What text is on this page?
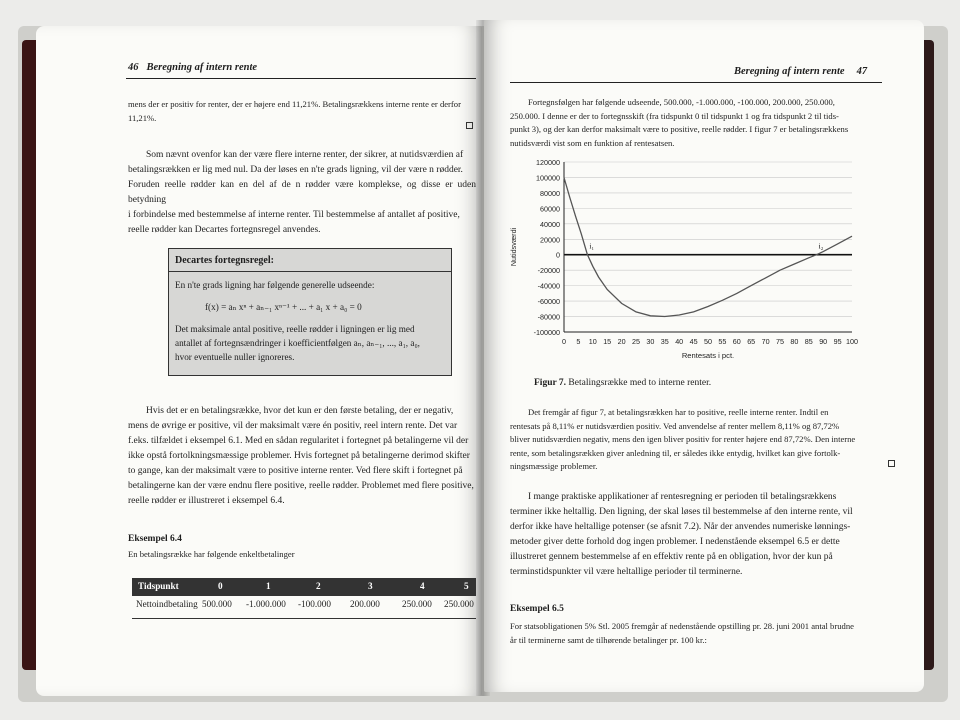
46 Beregning af intern rente

mens der er positiv for renter, der er højere end 11,21%. Betalingsrækkens interne rente er derfor

11,21%.

Som nævnt ovenfor kan der være flere interne renter, der sikrer, at nutidsværdien af

betalingsrækken er lig med nul. Da der løses en n'te grads ligning, vil der være n rødder.

Foruden reelle rødder kan en del af de n rødder være komplekse, og disse er uden betydning

i forbindelse med bestemmelse af interne renter. Til bestemmelse af antallet af positive,

reelle rødder kan Decartes fortegnsregel anvendes.

Decartes fortegnsregel:
En n'te grads ligning har følgende generelle udseende:
f(x) = aₙ xⁿ + aₙ₋₁ xⁿ⁻¹ + ... + a₁ x + a₀ = 0
Det maksimale antal positive, reelle rødder i ligningen er lig med
antallet af fortegnsændringer i koefficientfølgen aₙ, aₙ₋₁, ..., a₁, a₀,
hvor eventuelle nuller ignoreres.

Hvis det er en betalingsrække, hvor det kun er den første betaling, der er negativ,

mens de øvrige er positive, vil der maksimalt være én positiv, reel intern rente. Det var

f.eks. tilfældet i eksempel 6.1. Med en sådan regularitet i fortegnet på betalingerne vil der

ikke opstå fortolkningsmæssige problemer. Hvis fortegnet på betalingerne derimod skifter

to gange, kan der maksimalt være to positive interne renter. Ved flere skift i fortegnet på

betalingerne kan der være endnu flere positive, reelle rødder. Problemet med flere positive,

reelle rødder er illustreret i eksempel 6.4.

Eksempel 6.4
En betalingsrække har følgende enkeltbetalinger
Tidspunkt	0	1	2	3	4	5
Nettoindbetaling 500.000 -1.000.000 -100.000 200.000 250.000 250.000
Beregning af intern rente 47

Fortegnsfølgen har følgende udseende, 500.000, -1.000.000, -100.000, 200.000, 250.000,

250.000. I denne er der to fortegnsskift (fra tidspunkt 0 til tidspunkt 1 og fra tidspunkt 2 til tids-

punkt 3), og der kan derfor maksimalt være to positive, reelle rødder. I figur 7 er betalingsrækkens

nutidsværdi vist som en funktion af rentesatsen.

120000
100000
80000
60000
40000
20000
0
-20000
-40000
-60000
-80000
-100000
0 5 10 15 20 25 30 35 40 45 50 55 60 65 70 75 80 85 90 95 100
Rentesats i pct.
Nutidsværdi	i₁	i₂
Figur 7. Betalingsrække med to interne renter.

Det fremgår af figur 7, at betalingsrækken har to positive, reelle interne renter. Indtil en

rentesats på 8,11% er nutidsværdien positiv. Ved anvendelse af renter mellem 8,11% og 87,72%

bliver nutidsværdien negativ, mens den igen bliver positiv for renter højere end 87,72%. Den interne

rente, som betalingsrækken giver anledning til, er således ikke entydig, hvilket kan give fortolk-

ningsmæssige problemer.

I mange praktiske applikationer af rentesregning er perioden til betalingsrækkens

terminer ikke heltallig. Den ligning, der skal løses til bestemmelse af den interne rente, vil

derfor ikke have heltallige potenser (se afsnit 7.2). Når der anvendes numeriske lønnings-

metoder giver dette forhold dog ingen problemer. I nedenstående eksempel 6.5 er dette

illustreret gennem bestemmelse af en effektiv rente på en obligation, hvor der kun på

terminstidspunkter vil være heltallige perioder til terminerne.

Eksempel 6.5

For statsobligationen 5% Stl. 2005 fremgår af nedenstående opstilling pr. 28. juni 2001 antal brudne

år til terminerne samt de tilhørende betalinger pr. 100 kr.:
